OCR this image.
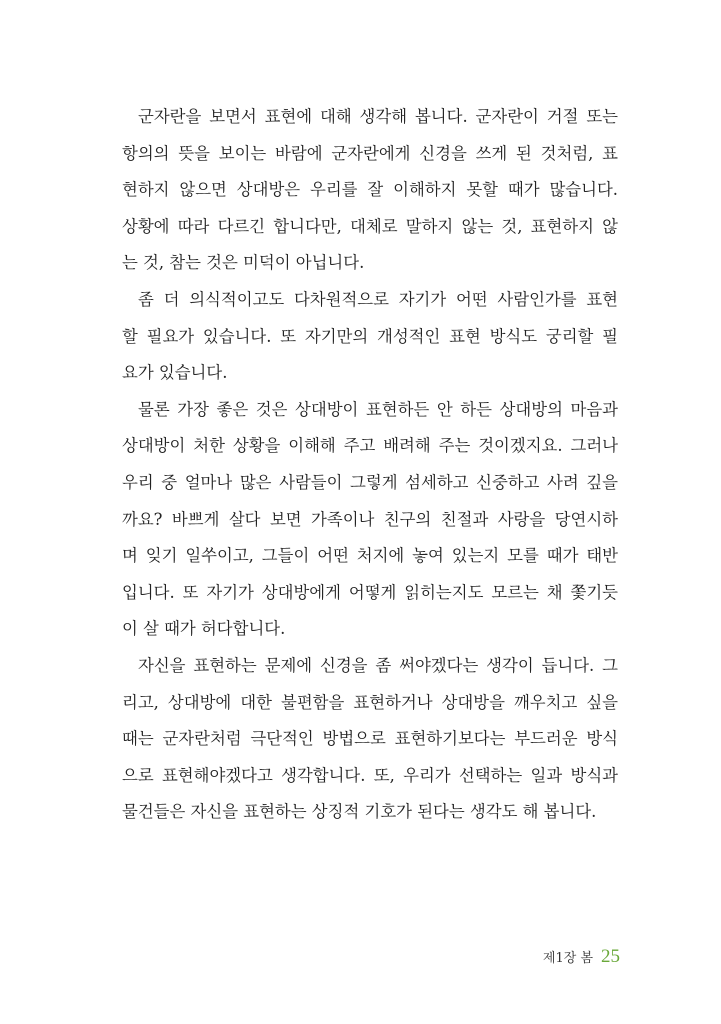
군자란을 보면서 표현에 대해 생각해 봅니다. 군자란이 거절 또는
항의의 뜻을 보이는 바람에 군자란에게 신경을 쓰게 된 것처럼, 표
현하지 않으면 상대방은 우리를 잘 이해하지 못할 때가 많습니다.
상황에 따라 다르긴 합니다만, 대체로 말하지 않는 것, 표현하지 않
는 것, 참는 것은 미덕이 아닙니다.
좀 더 의식적이고도 다차원적으로 자기가 어떤 사람인가를 표현
할 필요가 있습니다. 또 자기만의 개성적인 표현 방식도 궁리할 필
요가 있습니다.
물론 가장 좋은 것은 상대방이 표현하든 안 하든 상대방의 마음과
상대방이 처한 상황을 이해해 주고 배려해 주는 것이겠지요. 그러나
우리 중 얼마나 많은 사람들이 그렇게 섬세하고 신중하고 사려 깊을
까요? 바쁘게 살다 보면 가족이나 친구의 친절과 사랑을 당연시하
며 잊기 일쑤이고, 그들이 어떤 처지에 놓여 있는지 모를 때가 태반
입니다. 또 자기가 상대방에게 어떻게 읽히는지도 모르는 채 쫓기듯
이 살 때가 허다합니다.
자신을 표현하는 문제에 신경을 좀 써야겠다는 생각이 듭니다. 그
리고, 상대방에 대한 불편함을 표현하거나 상대방을 깨우치고 싶을
때는 군자란처럼 극단적인 방법으로 표현하기보다는 부드러운 방식
으로 표현해야겠다고 생각합니다. 또, 우리가 선택하는 일과 방식과
물건들은 자신을 표현하는 상징적 기호가 된다는 생각도 해 봅니다.
제1장 봄 25
